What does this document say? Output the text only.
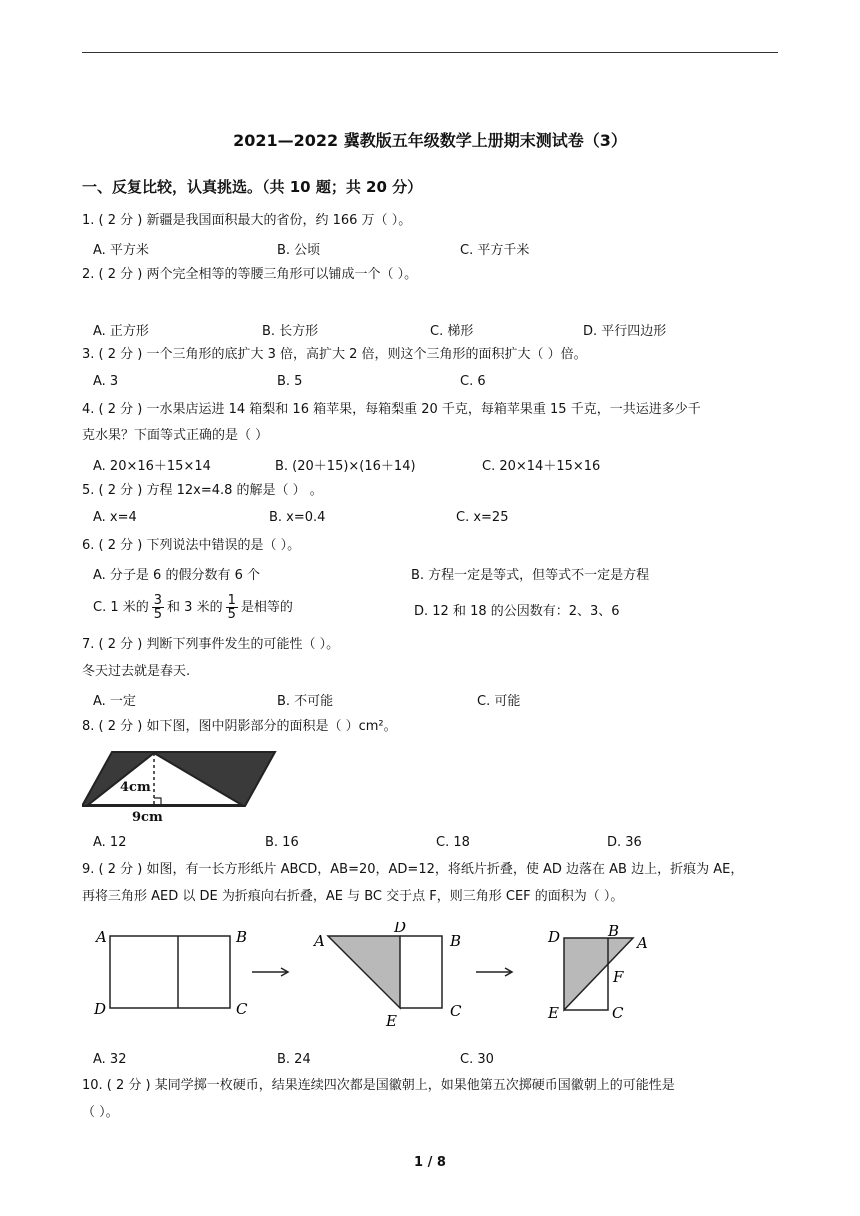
2021—2022 冀教版五年级数学上册期末测试卷（3）
一、反复比较，认真挑选。（共 10 题；共 20 分）
1. ( 2 分 ) 新疆是我国面积最大的省份，约 166 万（ ）。
A. 平方米	B. 公顷	C. 平方千米
2. ( 2 分 ) 两个完全相等的等腰三角形可以铺成一个（ ）。
A. 正方形	B. 长方形	C. 梯形	D. 平行四边形
3. ( 2 分 ) 一个三角形的底扩大 3 倍，高扩大 2 倍，则这个三角形的面积扩大（ ）倍。
A. 3	B. 5	C. 6
4. ( 2 分 ) 一水果店运进 14 箱梨和 16 箱苹果，每箱梨重 20 千克，每箱苹果重 15 千克，一共运进多少千
克水果？下面等式正确的是（ ）
A. 20×16＋15×14	B. (20＋15)×(16＋14)	C. 20×14＋15×16
5. ( 2 分 ) 方程 12x=4.8 的解是（ ） 。
A. x=4	B. x=0.4	C. x=25
6. ( 2 分 ) 下列说法中错误的是（ ）。
A. 分子是 6 的假分数有 6 个	B. 方程一定是等式，但等式不一定是方程
C. 1 米的 $\frac{3}{5}$ 和 3 米的 $\frac{1}{5}$ 是相等的	D. 12 和 18 的公因数有：2、3、6
7. ( 2 分 ) 判断下列事件发生的可能性（ ）。
冬天过去就是春天.
A. 一定	B. 不可能	C. 可能
8. ( 2 分 ) 如下图，图中阴影部分的面积是（ ）cm²。
4cm
9cm
A. 12	B. 16	C. 18	D. 36
9. ( 2 分 ) 如图，有一长方形纸片 ABCD，AB=20，AD=12，将纸片折叠，使 AD 边落在 AB 边上，折痕为 AE，
再将三角形 AED 以 DE 为折痕向右折叠，AE 与 BC 交于点 F，则三角形 CEF 的面积为（ ）。
A	B
C
D
A
D
B
C
E
D	B
A
F
E	C
A. 32	B. 24	C. 30
10. ( 2 分 ) 某同学掷一枚硬币，结果连续四次都是国徽朝上，如果他第五次掷硬币国徽朝上的可能性是
（ ）。
1 / 8
